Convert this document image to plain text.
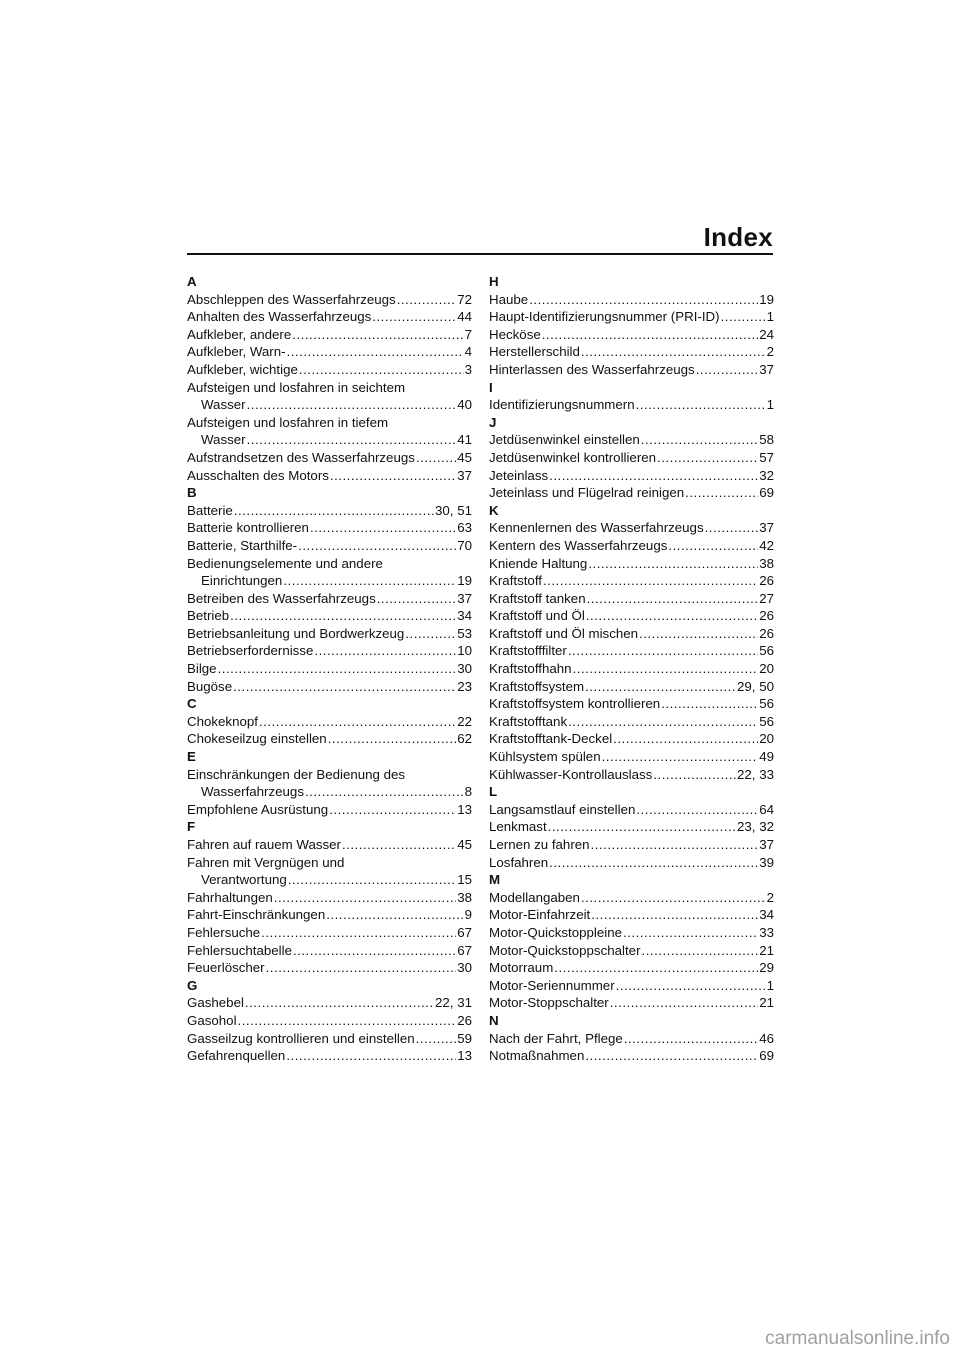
Index
A
Abschleppen des Wasserfahrzeugs .....	72
Anhalten des Wasserfahrzeugs .....	44
Aufkleber, andere .....	7
Aufkleber, Warn- .....	4
Aufkleber, wichtige .....	3
Aufsteigen und losfahren in seichtem
Wasser .....	40
Aufsteigen und losfahren in tiefem
Wasser .....	41
Aufstrandsetzen des Wasserfahrzeugs .....	45
Ausschalten des Motors .....	37
B
Batterie .....	30, 51
Batterie kontrollieren .....	63
Batterie, Starthilfe- .....	70
Bedienungselemente und andere
Einrichtungen .....	19
Betreiben des Wasserfahrzeugs .....	37
Betrieb .....	34
Betriebsanleitung und Bordwerkzeug .....	53
Betriebserfordernisse .....	10
Bilge .....	30
Bugöse .....	23
C
Chokeknopf .....	22
Chokeseilzug einstellen .....	62
E
Einschränkungen der Bedienung des
Wasserfahrzeugs .....	8
Empfohlene Ausrüstung .....	13
F
Fahren auf rauem Wasser .....	45
Fahren mit Vergnügen und
Verantwortung .....	15
Fahrhaltungen .....	38
Fahrt-Einschränkungen .....	9
Fehlersuche .....	67
Fehlersuchtabelle .....	67
Feuerlöscher .....	30
G
Gashebel .....	22, 31
Gasohol .....	26
Gasseilzug kontrollieren und einstellen .....	59
Gefahrenquellen .....	13
H
Haube .....	19
Haupt-Identifizierungsnummer (PRI-ID) .....	1
Hecköse .....	24
Herstellerschild .....	2
Hinterlassen des Wasserfahrzeugs .....	37
I
Identifizierungsnummern .....	1
J
Jetdüsenwinkel einstellen .....	58
Jetdüsenwinkel kontrollieren .....	57
Jeteinlass .....	32
Jeteinlass und Flügelrad reinigen .....	69
K
Kennenlernen des Wasserfahrzeugs .....	37
Kentern des Wasserfahrzeugs .....	42
Kniende Haltung .....	38
Kraftstoff .....	26
Kraftstoff tanken .....	27
Kraftstoff und Öl .....	26
Kraftstoff und Öl mischen .....	26
Kraftstofffilter .....	56
Kraftstoffhahn .....	20
Kraftstoffsystem .....	29, 50
Kraftstoffsystem kontrollieren .....	56
Kraftstofftank .....	56
Kraftstofftank-Deckel .....	20
Kühlsystem spülen .....	49
Kühlwasser-Kontrollauslass .....	22, 33
L
Langsamstlauf einstellen .....	64
Lenkmast .....	23, 32
Lernen zu fahren .....	37
Losfahren .....	39
M
Modellangaben .....	2
Motor-Einfahrzeit .....	34
Motor-Quickstoppleine .....	33
Motor-Quickstoppschalter .....	21
Motorraum .....	29
Motor-Seriennummer .....	1
Motor-Stoppschalter .....	21
N
Nach der Fahrt, Pflege .....	46
Notmaßnahmen .....	69
carmanualsonline.info
